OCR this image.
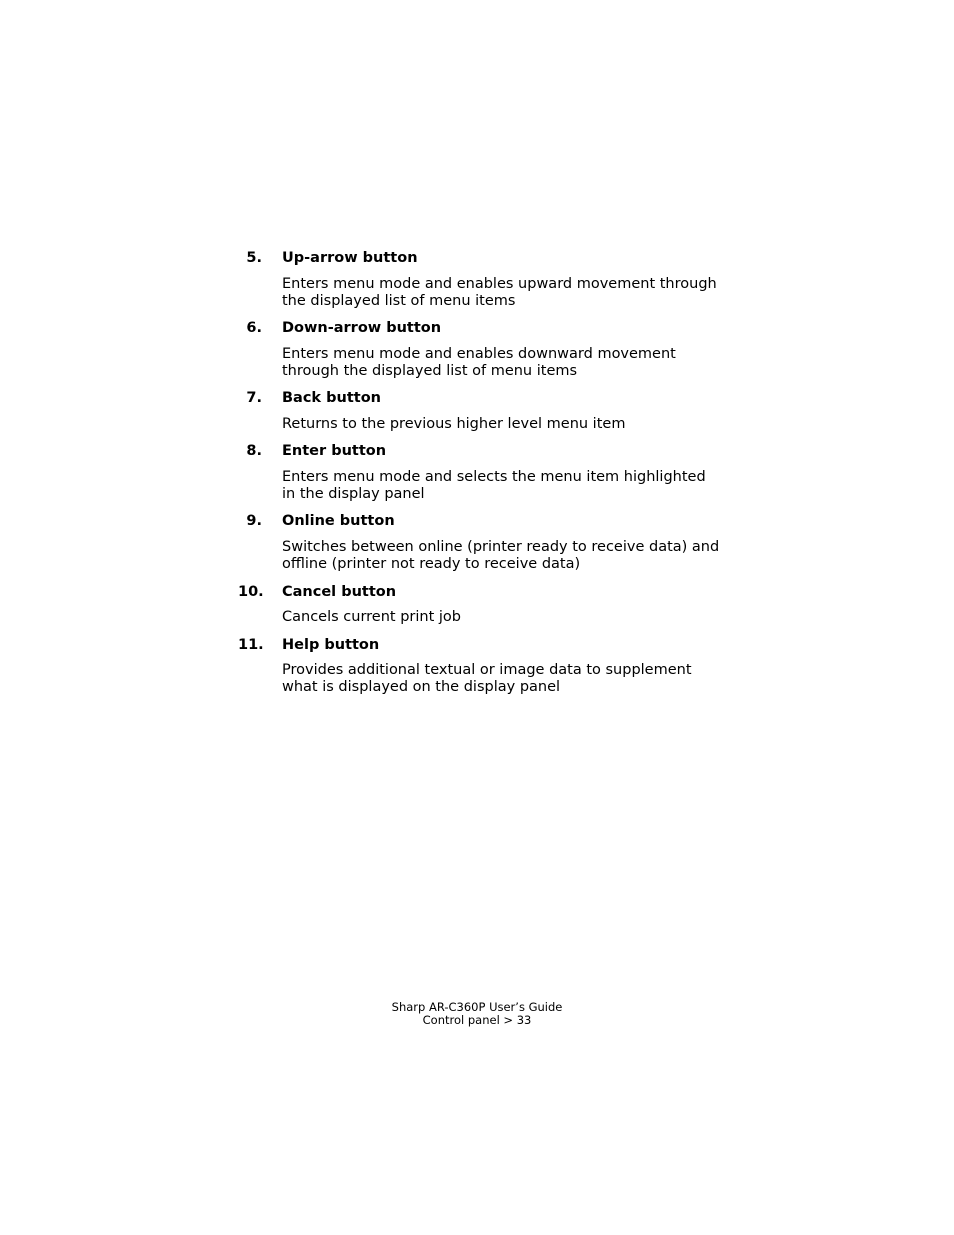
5. Up-arrow button
Enters menu mode and enables upward movement through the displayed list of menu items
6. Down-arrow button
Enters menu mode and enables downward movement through the displayed list of menu items
7. Back button
Returns to the previous higher level menu item
8. Enter button
Enters menu mode and selects the menu item highlighted in the display panel
9. Online button
Switches between online (printer ready to receive data) and offline (printer not ready to receive data)
10. Cancel button
Cancels current print job
11. Help button
Provides additional textual or image data to supplement what is displayed on the display panel
Sharp AR-C360P User’s Guide
Control panel > 33
